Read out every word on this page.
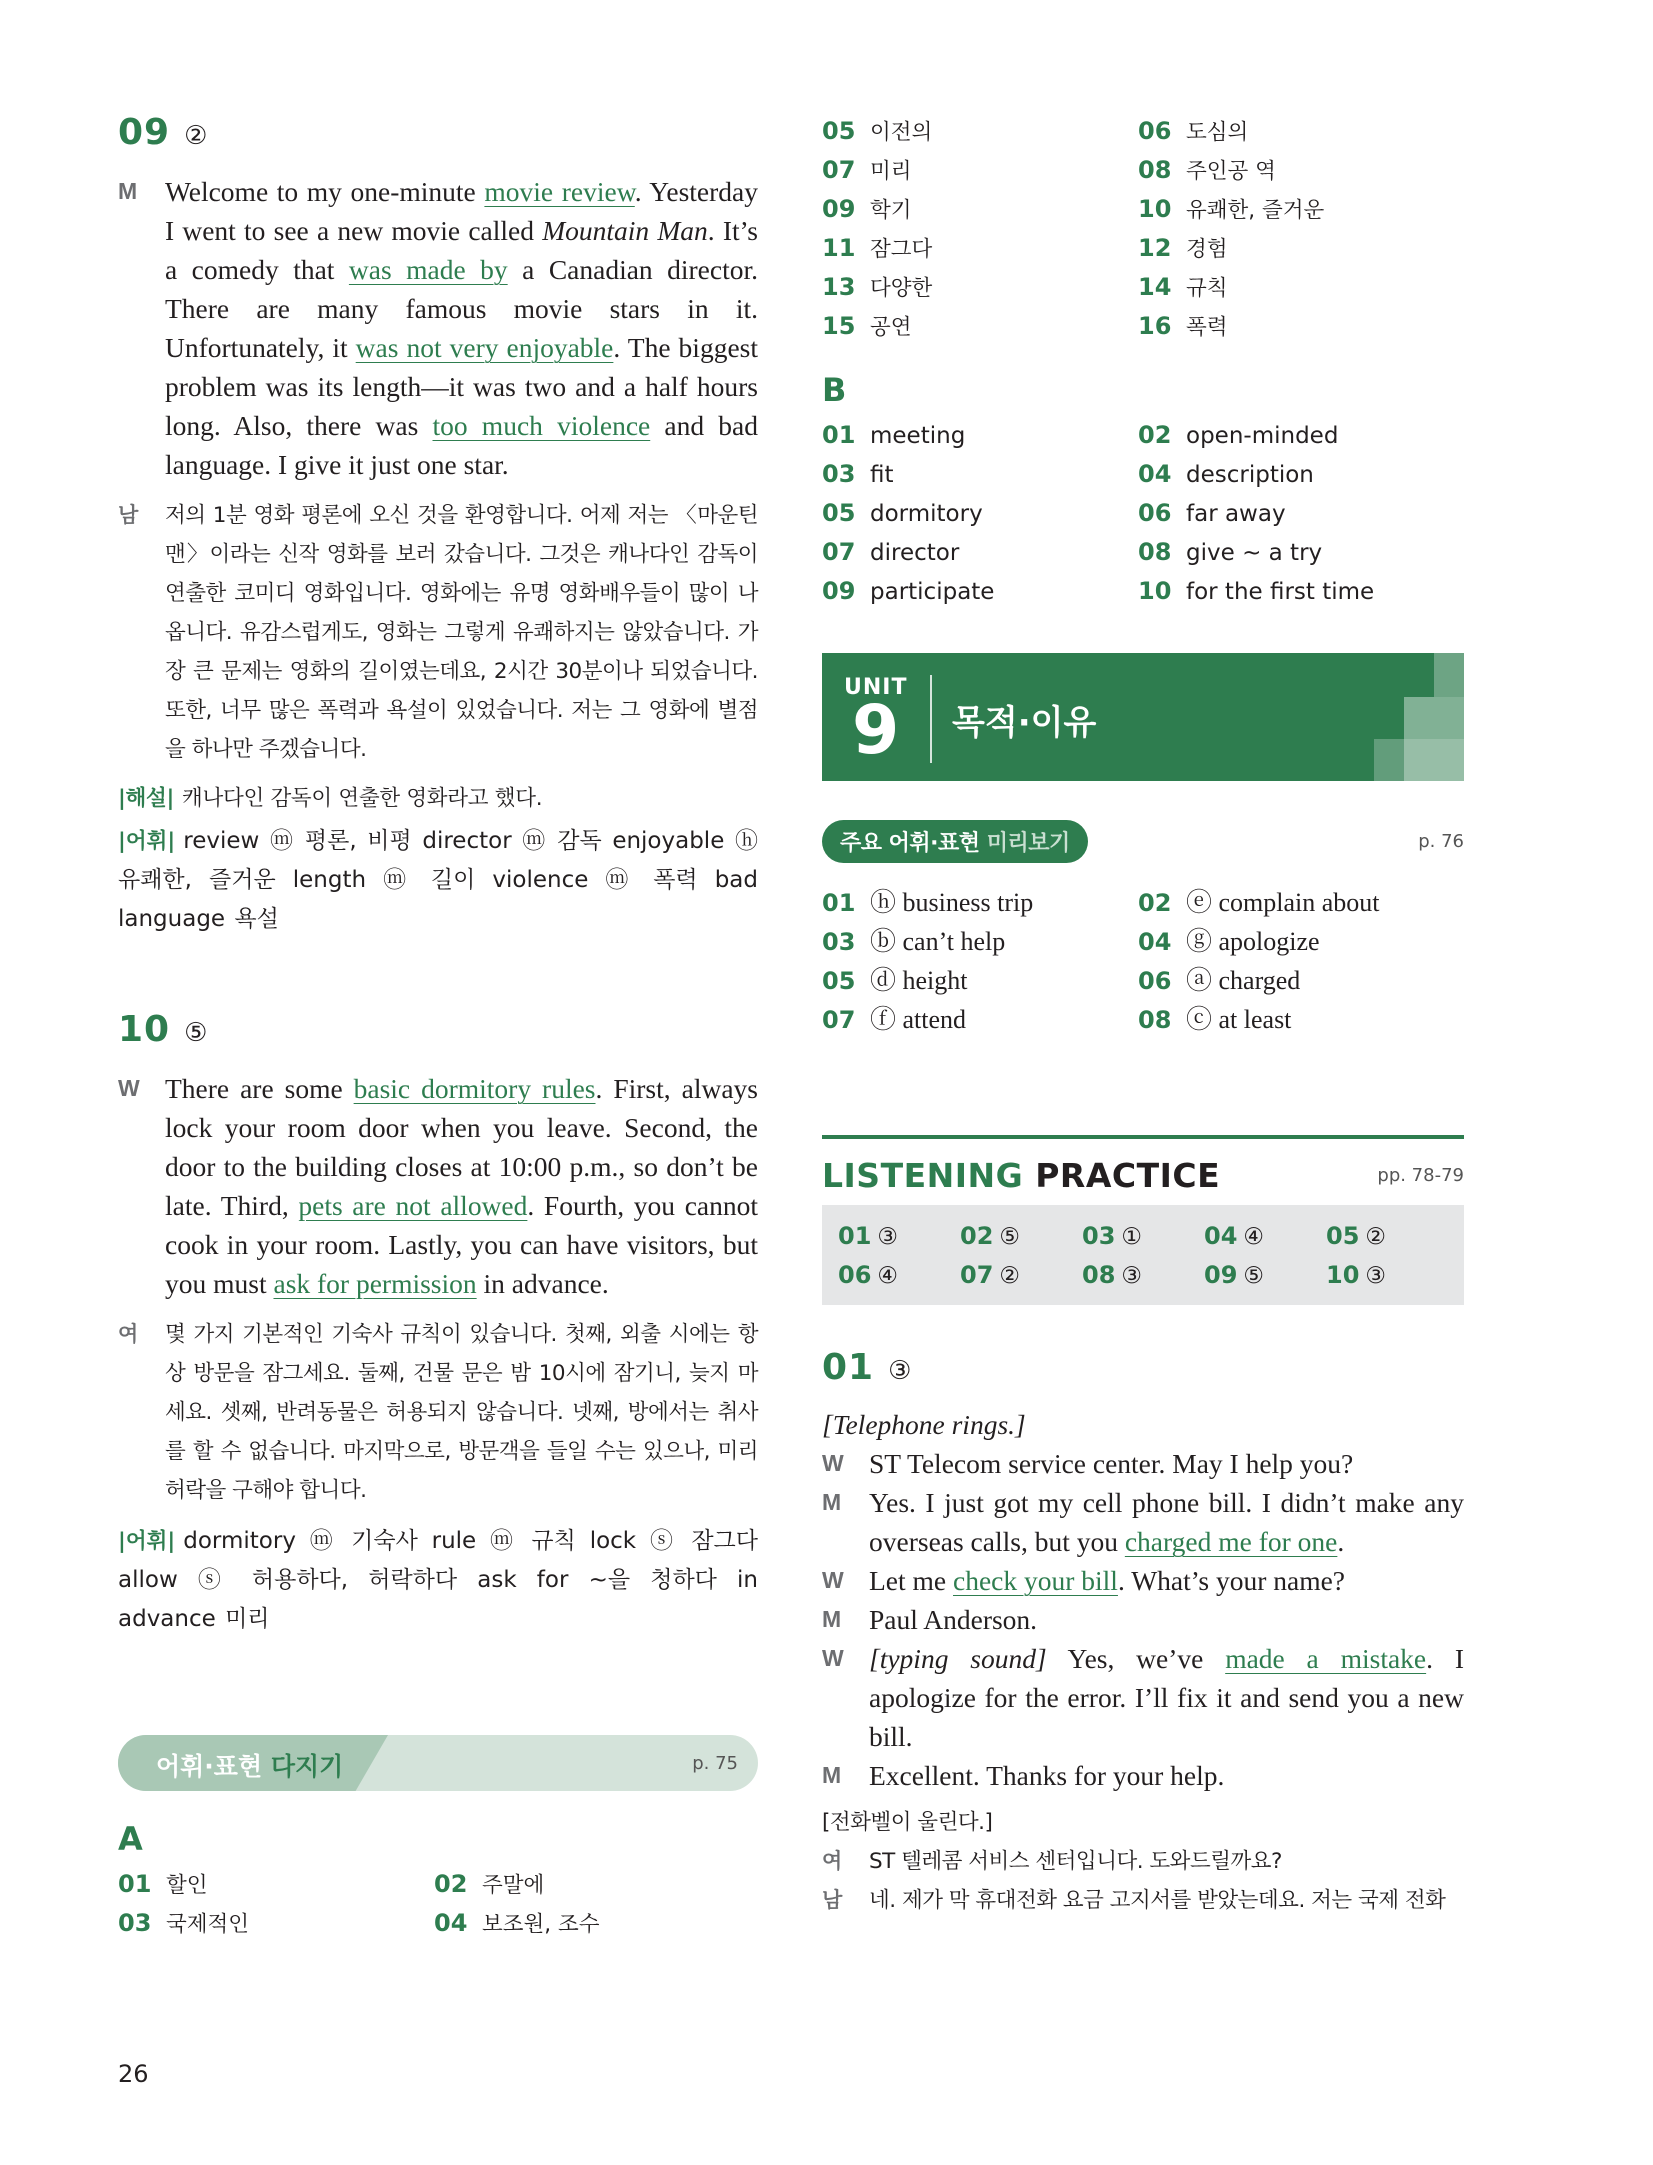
09 ②
M	Welcome to my one-minute movie review. Yesterday I went to see a new movie called Mountain Man. It’s a comedy that was made by a Canadian director. There are many famous movie stars in it. Unfortunately, it was not very enjoyable. The biggest problem was its length—it was two and a half hours long. Also, there was too much violence and bad language. I give it just one star.
남	저의 1분 영화 평론에 오신 것을 환영합니다. 어제 저는 〈마운틴맨〉이라는 신작 영화를 보러 갔습니다. 그것은 캐나다인 감독이 연출한 코미디 영화입니다. 영화에는 유명 영화배우들이 많이 나옵니다. 유감스럽게도, 영화는 그렇게 유쾌하지는 않았습니다. 가장 큰 문제는 영화의 길이였는데요, 2시간 30분이나 되었습니다. 또한, 너무 많은 폭력과 욕설이 있었습니다. 저는 그 영화에 별점을 하나만 주겠습니다.
|해설| 캐나다인 감독이 연출한 영화라고 했다.
|어휘| review ⓜ 평론, 비평 director ⓜ 감독 enjoyable ⓗ 유쾌한, 즐거운 length ⓜ 길이 violence ⓜ 폭력 bad language 욕설
10 ⑤
W There are some basic dormitory rules. First, always lock your room door when you leave. Second, the door to the building closes at 10:00 p.m., so don’t be late. Third, pets are not allowed. Fourth, you cannot cook in your room. Lastly, you can have visitors, but you must ask for permission in advance.
여	몇 가지 기본적인 기숙사 규칙이 있습니다. 첫째, 외출 시에는 항상 방문을 잠그세요. 둘째, 건물 문은 밤 10시에 잠기니, 늦지 마세요. 셋째, 반려동물은 허용되지 않습니다. 넷째, 방에서는 취사를 할 수 없습니다. 마지막으로, 방문객을 들일 수는 있으나, 미리 허락을 구해야 합니다.
|어휘| dormitory ⓜ 기숙사 rule ⓜ 규칙 lock ⓢ 잠그다 allow ⓢ 허용하다, 허락하다 ask for ~을 청하다 in advance 미리
어휘·표현 다지기	p. 75
A
01 할인	02 주말에
03 국제적인	04 보조원, 조수
05 이전의	06 도심의
07 미리	08 주인공 역
09 학기	10 유쾌한, 즐거운
11 잠그다	12 경험
13 다양한	14 규칙
15 공연	16 폭력
B
01 meeting	02 open-minded
03 fit	04 description
05 dormitory	06 far away
07 director	08 give ~ a try
09 participate	10 for the first time
UNIT
9 목적·이유
주요 어휘·표현 미리보기	p. 76
01 ⓗ business trip	02 ⓔ complain about
03 ⓑ can’t help	04 ⓖ apologize
05 ⓓ height	06 ⓐ charged
07 ⓕ attend	08 ⓒ at least
LISTENING PRACTICE	pp. 78-79
01 ③	02 ⑤	03 ①	04 ④	05 ②
06 ④	07 ②	08 ③	09 ⑤	10 ③
01 ③
[Telephone rings.]
W ST Telecom service center. May I help you?
M	Yes. I just got my cell phone bill. I didn’t make any overseas calls, but you charged me for one.
W Let me check your bill. What’s your name?
M	Paul Anderson.
W [typing sound] Yes, we’ve made a mistake. I apologize for the error. I’ll fix it and send you a new bill.
M	Excellent. Thanks for your help.
[전화벨이 울린다.]
여	ST 텔레콤 서비스 센터입니다. 도와드릴까요?
남	네. 제가 막 휴대전화 요금 고지서를 받았는데요. 저는 국제 전화
26
